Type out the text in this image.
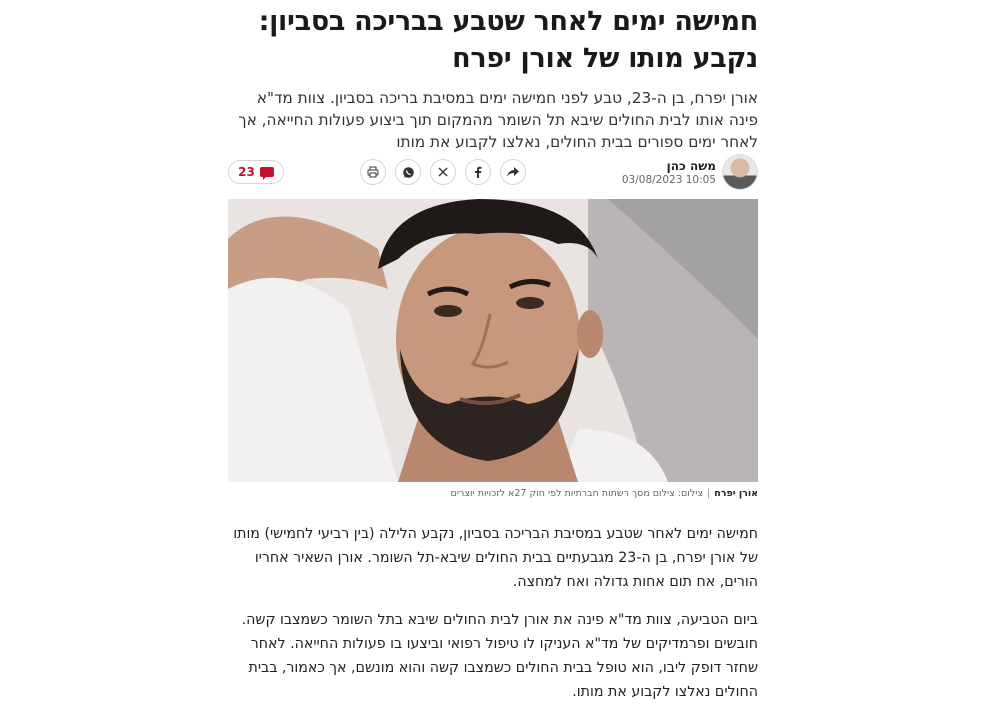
חמישה ימים לאחר שטבע בבריכה בסביון:
נקבע מותו של אורן יפרח

אורן יפרח, בן ה-23, טבע לפני חמישה ימים במסיבת בריכה בסביון. צוות מד"א פינה אותו לבית החולים שיבא תל השומר מהמקום תוך ביצוע פעולות החייאה, אך לאחר ימים ספורים בבית החולים, נאלצו לקבוע את מותו

משה כהן
03/08/2023 10:05
23
אורן יפרח|צילום: צילום מסך רשתות חברתיות לפי חוק 27א לזכויות יוצרים

חמישה ימים לאחר שטבע במסיבת הבריכה בסביון, נקבע הלילה (בין רביעי לחמישי) מותו של אורן יפרח, בן ה-23 מגבעתיים בבית החולים שיבא-תל השומר. אורן השאיר אחריו הורים, אח תום אחות גדולה ואח למחצה.

ביום הטביעה, צוות מד"א פינה את אורן לבית החולים שיבא בתל השומר כשמצבו קשה. חובשים ופרמדיקים של מד"א העניקו לו טיפול רפואי וביצעו בו פעולות החייאה. לאחר שחזר דופק ליבו, הוא טופל בבית החולים כשמצבו קשה והוא מונשם, אך כאמור, בבית החולים נאלצו לקבוע את מותו.
